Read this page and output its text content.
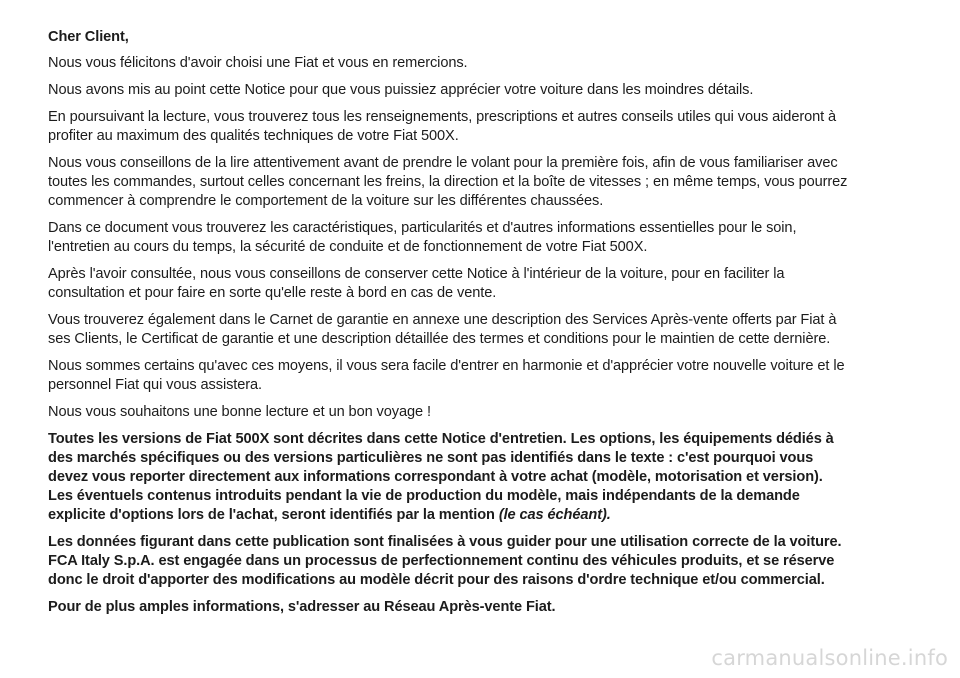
Cher Client,

Nous vous félicitons d'avoir choisi une Fiat et vous en remercions.

Nous avons mis au point cette Notice pour que vous puissiez apprécier votre voiture dans les moindres détails.

En poursuivant la lecture, vous trouverez tous les renseignements, prescriptions et autres conseils utiles qui vous aideront à profiter au maximum des qualités techniques de votre Fiat 500X.

Nous vous conseillons de la lire attentivement avant de prendre le volant pour la première fois, afin de vous familiariser avec toutes les commandes, surtout celles concernant les freins, la direction et la boîte de vitesses ; en même temps, vous pourrez commencer à comprendre le comportement de la voiture sur les différentes chaussées.

Dans ce document vous trouverez les caractéristiques, particularités et d'autres informations essentielles pour le soin, l'entretien au cours du temps, la sécurité de conduite et de fonctionnement de votre Fiat 500X.

Après l'avoir consultée, nous vous conseillons de conserver cette Notice à l'intérieur de la voiture, pour en faciliter la consultation et pour faire en sorte qu'elle reste à bord en cas de vente.

Vous trouverez également dans le Carnet de garantie en annexe une description des Services Après-vente offerts par Fiat à ses Clients, le Certificat de garantie et une description détaillée des termes et conditions pour le maintien de cette dernière.

Nous sommes certains qu'avec ces moyens, il vous sera facile d'entrer en harmonie et d'apprécier votre nouvelle voiture et le personnel Fiat qui vous assistera.

Nous vous souhaitons une bonne lecture et un bon voyage !

Toutes les versions de Fiat 500X sont décrites dans cette Notice d'entretien. Les options, les équipements dédiés à des marchés spécifiques ou des versions particulières ne sont pas identifiés dans le texte : c'est pourquoi vous devez vous reporter directement aux informations correspondant à votre achat (modèle, motorisation et version). Les éventuels contenus introduits pendant la vie de production du modèle, mais indépendants de la demande explicite d'options lors de l'achat, seront identifiés par la mention (le cas échéant).

Les données figurant dans cette publication sont finalisées à vous guider pour une utilisation correcte de la voiture. FCA Italy S.p.A. est engagée dans un processus de perfectionnement continu des véhicules produits, et se réserve donc le droit d'apporter des modifications au modèle décrit pour des raisons d'ordre technique et/ou commercial.

Pour de plus amples informations, s'adresser au Réseau Après-vente Fiat.

carmanualsonline.info
